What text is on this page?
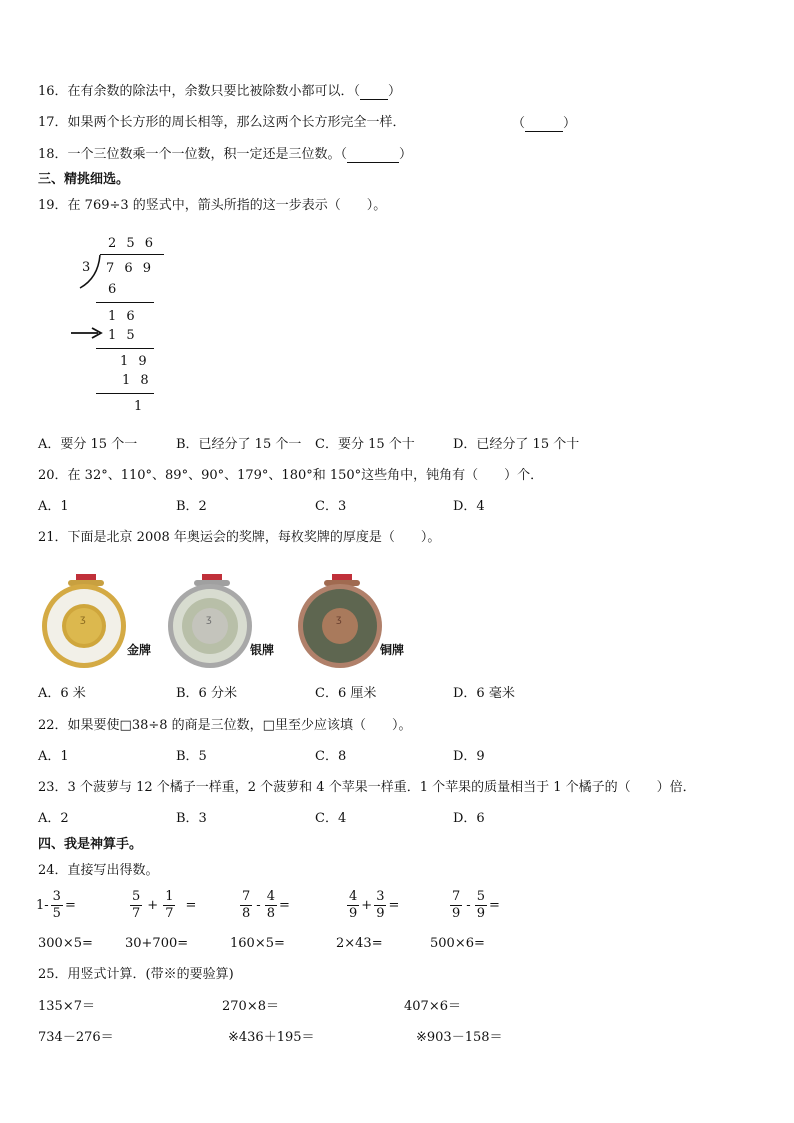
16．在有余数的除法中，余数只要比被除数小都可以．（ ）
17．如果两个长方形的周长相等，那么这两个长方形完全一样．	（	）
18．一个三位数乘一个一位数，积一定还是三位数。（	）
三、精挑细选。
19．在 769÷3 的竖式中，箭头所指的这一步表示（　　）。
2 5 6
3 7 6 9
6
1 6
1 5
1 9
1 8
1
A．要分 15 个一	B．已经分了 15 个一 C．要分 15 个十	D．已经分了 15 个十
20．在 32°、110°、89°、90°、179°、180°和 150°这些角中，钝角有（　　）个．
A．1	B．2	C．3	D．4
21．下面是北京 2008 年奥运会的奖牌，每枚奖牌的厚度是（　　）。
ʒ
金牌
ʒ
银牌
ʒ
铜牌
A．6 米	B．6 分米	C．6 厘米	D．6 毫米
22．如果要使□38÷8 的商是三位数，□里至少应该填（　　）。
A．1	B．5	C．8	D．9
23．3 个菠萝与 12 个橘子一样重，2 个菠萝和 4 个苹果一样重．1 个苹果的质量相当于 1 个橘子的（　　）倍．
A．2	B．3	C．4	D．6
四、我是神算手。
24．直接写出得数。
$1- \frac{3}{5}$ =	$\frac{5}{7} + \frac{1}{7}$ =	$\frac{7}{8} - \frac{4}{8}$ =	$\frac{4}{9} + \frac{3}{9}$ =	$\frac{7}{9} - \frac{5}{9}$ =
300×5= 30+700=	160×5=	2×43=	500×6=
25．用竖式计算．(带※的要验算)
135×7＝	270×8＝	407×6＝
734－276＝	※436＋195＝	※903－158＝
